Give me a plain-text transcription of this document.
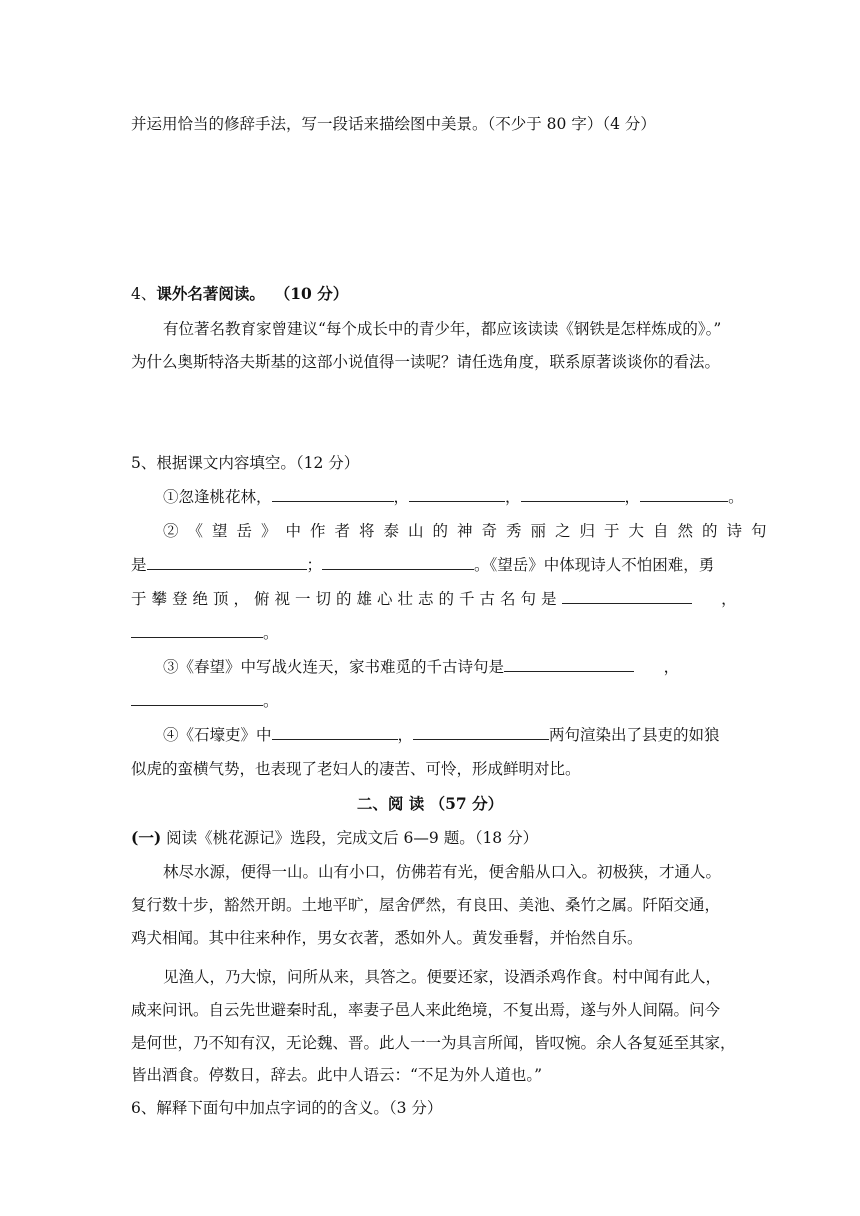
并运用恰当的修辞手法，写一段话来描绘图中美景。（不少于 80 字）（4 分）
4、课外名著阅读。 （10 分）
有位著名教育家曾建议“每个成长中的青少年，都应该读读《钢铁是怎样炼成的》。”
为什么奥斯特洛夫斯基的这部小说值得一读呢？请任选角度，联系原著谈谈你的看法。
5、根据课文内容填空。（12 分）
①忽逢桃花林，	，	，	，	。
②《望岳》中作者将泰山的神奇秀丽之归于大自然的诗句
是	；	。《望岳》中体现诗人不怕困难，勇
于攀登绝顶，俯视一切的雄心壮志的千古名句是	，
。
③《春望》中写战火连天，家书难觅的千古诗句是	，
。
④《石壕吏》中	，	两句渲染出了县吏的如狼
似虎的蛮横气势，也表现了老妇人的凄苦、可怜，形成鲜明对比。
二、阅 读 （57 分）
(一) 阅读《桃花源记》选段，完成文后 6—9 题。（18 分）
林尽水源，便得一山。山有小口，仿佛若有光，便舍船从口入。初极狭，才通人。
复行数十步，豁然开朗。土地平旷，屋舍俨然，有良田、美池、桑竹之属。阡陌交通，
鸡犬相闻。其中往来种作，男女衣著，悉如外人。黄发垂髫，并怡然自乐。
见渔人，乃大惊，问所从来，具答之。便要还家，设酒杀鸡作食。村中闻有此人，
咸来问讯。自云先世避秦时乱，率妻子邑人来此绝境，不复出焉，遂与外人间隔。问今
是何世，乃不知有汉，无论魏、晋。此人一一为具言所闻，皆叹惋。余人各复延至其家，
皆出酒食。停数日，辞去。此中人语云：“不足为外人道也。”
6、解释下面句中加点字词的的含义。（3 分）
